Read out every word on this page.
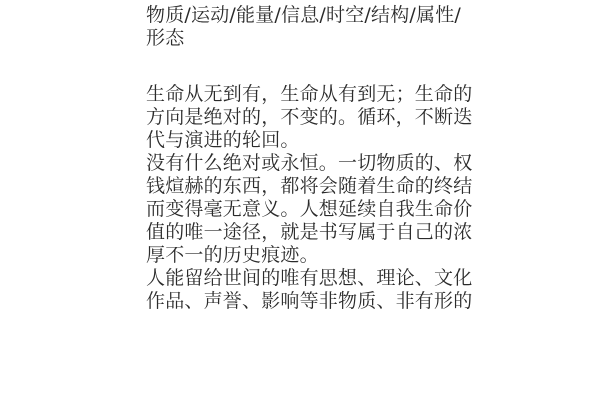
物质/运动/能量/信息/时空/结构/属性/
形态
生命从无到有，生命从有到无；生命的
方向是绝对的，不变的。循环，不断迭
代与演进的轮回。
没有什么绝对或永恒。一切物质的、权
钱煊赫的东西，都将会随着生命的终结
而变得毫无意义。人想延续自我生命价
值的唯一途径，就是书写属于自己的浓
厚不一的历史痕迹。
人能留给世间的唯有思想、理论、文化
作品、声誉、影响等非物质、非有形的
